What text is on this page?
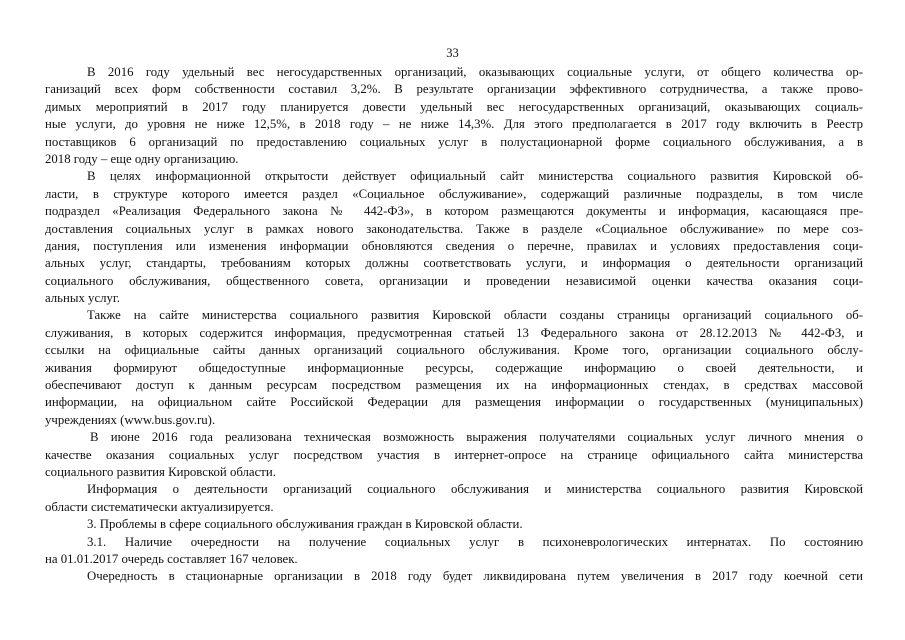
33
В 2016 году удельный вес негосударственных организаций, оказывающих социальные услуги, от общего количества ор-
ганизаций всех форм собственности составил 3,2%. В результате организации эффективного сотрудничества, а также прово-
димых мероприятий в 2017 году планируется довести удельный вес негосударственных организаций, оказывающих социаль-
ные услуги, до уровня не ниже 12,5%, в 2018 году – не ниже 14,3%. Для этого предполагается в 2017 году включить в Реестр
поставщиков 6 организаций по предоставлению социальных услуг в полустационарной форме социального обслуживания, а в
2018 году – еще одну организацию.
В целях информационной открытости действует официальный сайт министерства социального развития Кировской об-
ласти, в структуре которого имеется раздел «Социальное обслуживание», содержащий различные подразделы, в том числе
подраздел «Реализация Федерального закона № 442-ФЗ», в котором размещаются документы и информация, касающаяся пре-
доставления социальных услуг в рамках нового законодательства. Также в разделе «Социальное обслуживание» по мере соз-
дания, поступления или изменения информации обновляются сведения о перечне, правилах и условиях предоставления соци-
альных услуг, стандарты, требованиям которых должны соответствовать услуги, и информация о деятельности организаций
социального обслуживания, общественного совета, организации и проведении независимой оценки качества оказания соци-
альных услуг.
Также на сайте министерства социального развития Кировской области созданы страницы организаций социального об-
служивания, в которых содержится информация, предусмотренная статьей 13 Федерального закона от 28.12.2013 № 442-ФЗ, и
ссылки на официальные сайты данных организаций социального обслуживания. Кроме того, организации социального обслу-
живания формируют общедоступные информационные ресурсы, содержащие информацию о своей деятельности, и
обеспечивают доступ к данным ресурсам посредством размещения их на информационных стендах, в средствах массовой
информации, на официальном сайте Российской Федерации для размещения информации о государственных (муниципальных)
учреждениях (www.bus.gov.ru).
В июне 2016 года реализована техническая возможность выражения получателями социальных услуг личного мнения о
качестве оказания социальных услуг посредством участия в интернет-опросе на странице официального сайта министерства
социального развития Кировской области.
Информация о деятельности организаций социального обслуживания и министерства социального развития Кировской
области систематически актуализируется.
3. Проблемы в сфере социального обслуживания граждан в Кировской области.
3.1. Наличие очередности на получение социальных услуг в психоневрологических интернатах. По состоянию
на 01.01.2017 очередь составляет 167 человек.
Очередность в стационарные организации в 2018 году будет ликвидирована путем увеличения в 2017 году коечной сети
